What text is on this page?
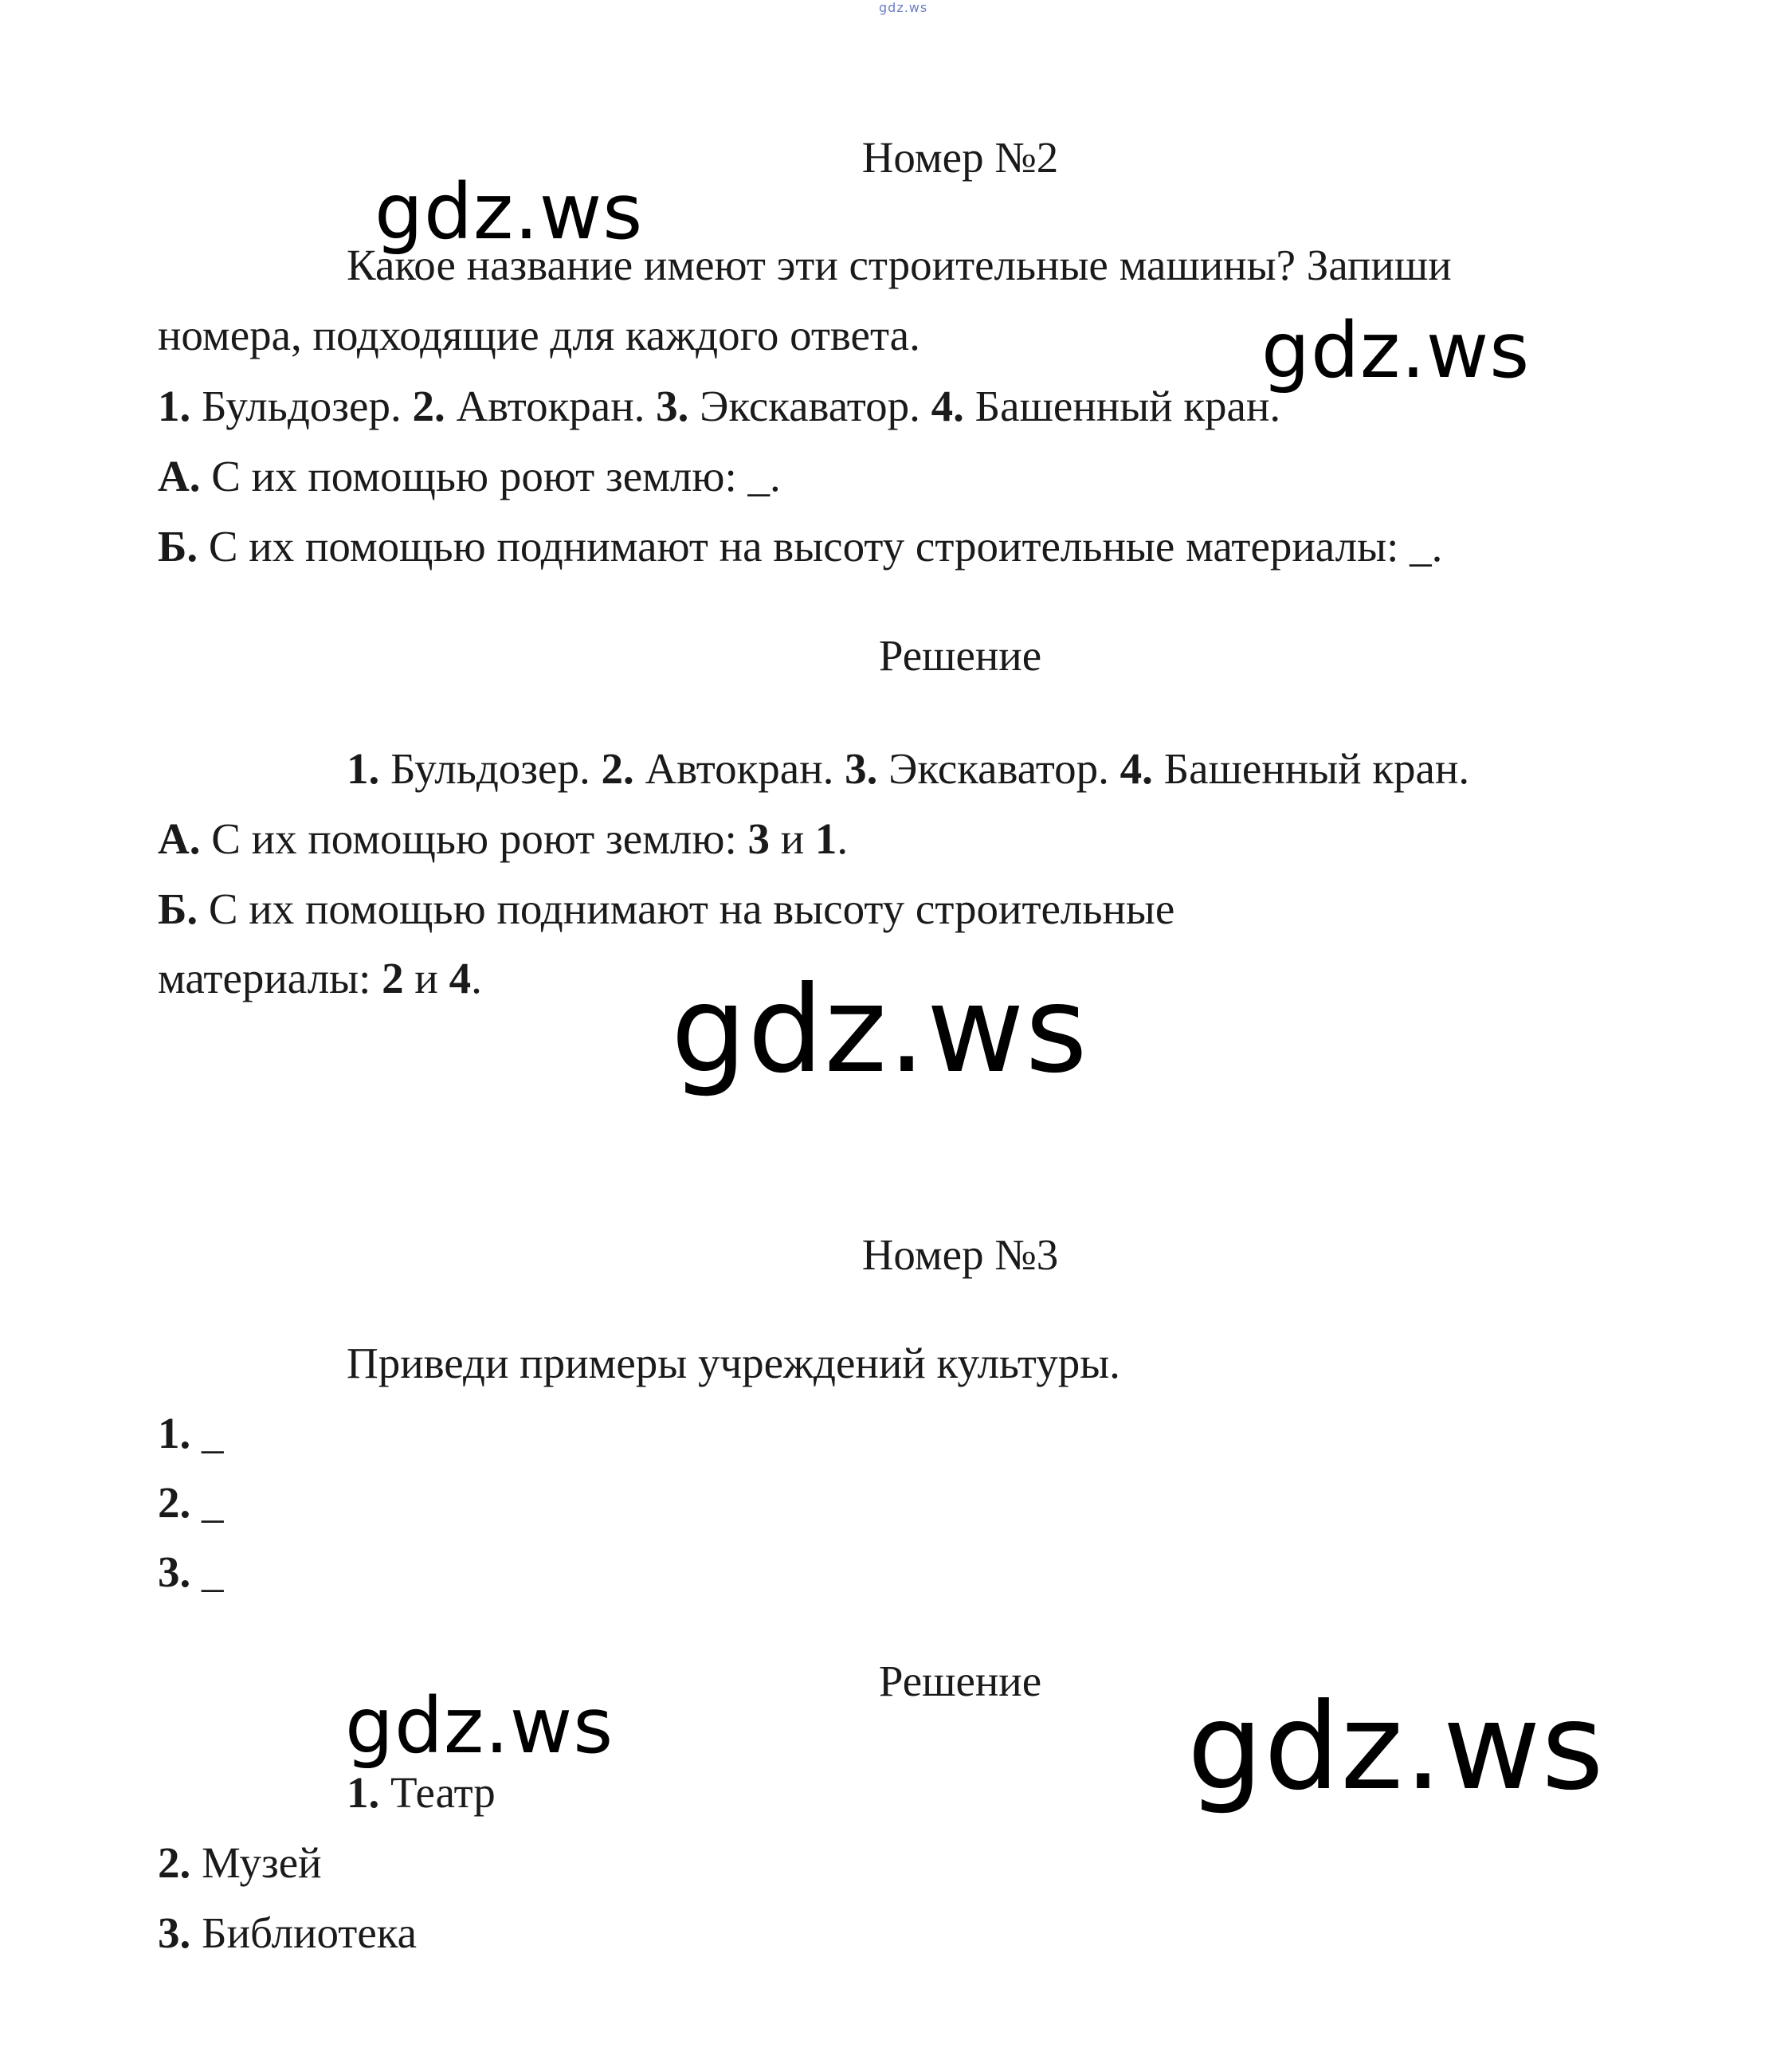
gdz.ws
Номер №2
gdz.ws
Какое название имеют эти строительные машины? Запиши
номера, подходящие для каждого ответа.	gdz.ws
1. Бульдозер. 2. Автокран. 3. Экскаватор. 4. Башенный кран.
А. С их помощью роют землю: _.
Б. С их помощью поднимают на высоту строительные материалы: _.
Решение
1. Бульдозер. 2. Автокран. 3. Экскаватор. 4. Башенный кран.
А. С их помощью роют землю: 3 и 1.
Б. С их помощью поднимают на высоту строительные
материалы: 2 и 4. gdz.ws
Номер №3
Приведи примеры учреждений культуры.
1. _
2. _
3. _
Решение
gdz.ws	gdz.ws
1. Театр
2. Музей
3. Библиотека
